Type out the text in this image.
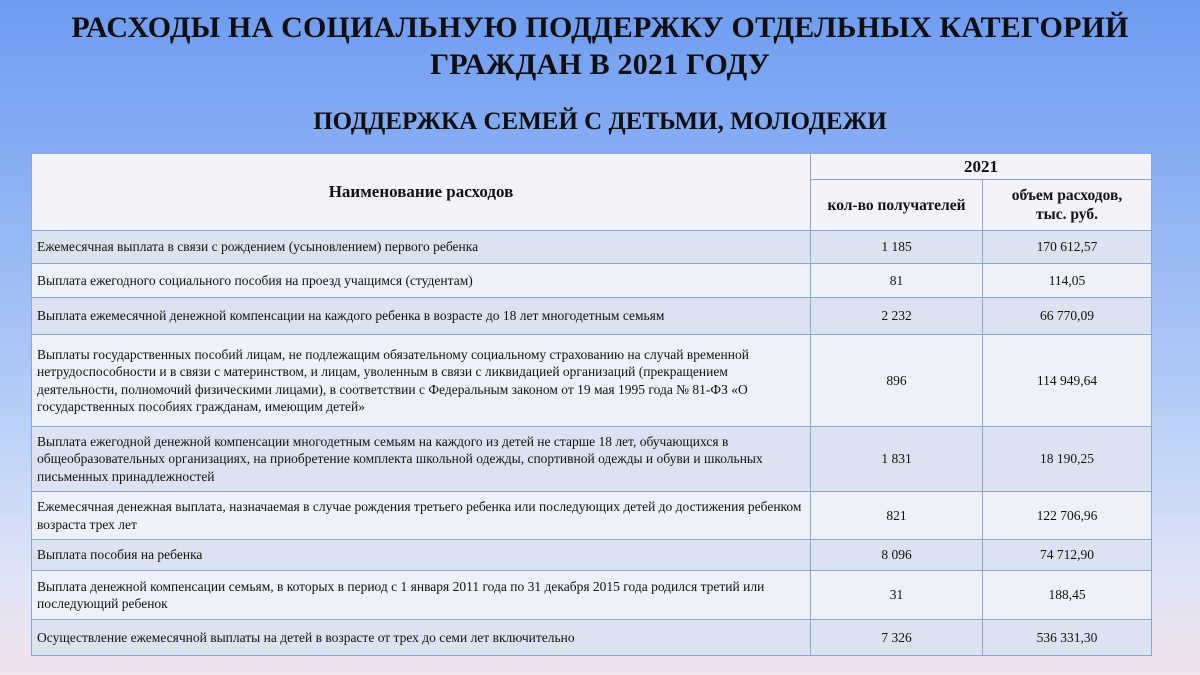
РАСХОДЫ НА СОЦИАЛЬНУЮ ПОДДЕРЖКУ ОТДЕЛЬНЫХ КАТЕГОРИЙ
ГРАЖДАН В 2021 ГОДУ
ПОДДЕРЖКА СЕМЕЙ С ДЕТЬМИ, МОЛОДЕЖИ
Наименование расходов	2021	
	кол-во получателей	объем расходов,
тыс. руб.

Ежемесячная выплата в связи с рождением (усыновлением) первого ребенка	1 185	170 612,57
Выплата ежегодного социального пособия на проезд учащимся (студентам)	81	114,05
Выплата ежемесячной денежной компенсации на каждого ребенка в возрасте до 18 лет многодетным семьям	2 232	66 770,09
Выплаты государственных пособий лицам, не подлежащим обязательному социальному страхованию на случай временной нетрудоспособности и в связи с материнством, и лицам, уволенным в связи с ликвидацией организаций (прекращением деятельности, полномочий физическими лицами), в соответствии с Федеральным законом от 19 мая 1995 года № 81-ФЗ «О государственных пособиях гражданам, имеющим детей»	896	114 949,64
Выплата ежегодной денежной компенсации многодетным семьям на каждого из детей не старше 18 лет, обучающихся в общеобразовательных организациях, на приобретение комплекта школьной одежды, спортивной одежды и обуви и школьных письменных принадлежностей	1 831	18 190,25
Ежемесячная денежная выплата, назначаемая в случае рождения третьего ребенка или последующих детей до достижения ребенком возраста трех лет	821	122 706,96
Выплата пособия на ребенка	8 096	74 712,90
Выплата денежной компенсации семьям, в которых в период с 1 января 2011 года по 31 декабря 2015 года родился третий или последующий ребенок	31	188,45
Осуществление ежемесячной выплаты на детей в возрасте от трех до семи лет включительно	7 326	536 331,30
